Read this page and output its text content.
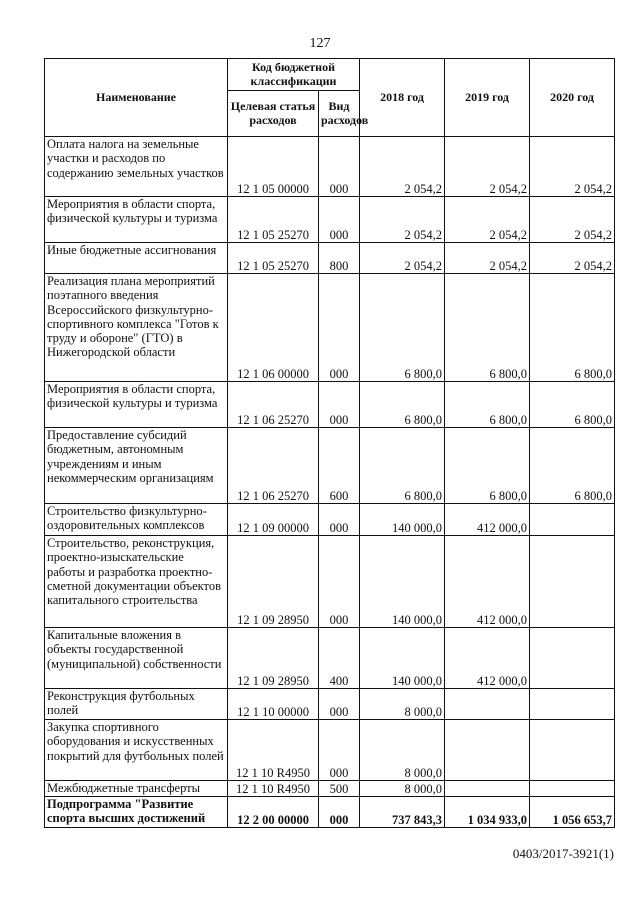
127
Наименование	Код бюджетной классификации		2018 год	2019 год	2020 год
	Целевая статья расходов	Вид расходов			
Оплата налога на земельные участки и расходов по содержанию земельных участков	12 1 05 00000	000	2 054,2	2 054,2	2 054,2
Мероприятия в области спорта, физической культуры и туризма	12 1 05 25270	000	2 054,2	2 054,2	2 054,2
Иные бюджетные ассигнования	12 1 05 25270	800	2 054,2	2 054,2	2 054,2
Реализация плана мероприятий поэтапного введения Всероссийского физкультурно-спортивного комплекса "Готов к труду и обороне" (ГТО) в Нижегородской области	12 1 06 00000	000	6 800,0	6 800,0	6 800,0
Мероприятия в области спорта, физической культуры и туризма	12 1 06 25270	000	6 800,0	6 800,0	6 800,0
Предоставление субсидий бюджетным, автономным учреждениям и иным некоммерческим организациям	12 1 06 25270	600	6 800,0	6 800,0	6 800,0
Строительство физкультурно-оздоровительных комплексов	12 1 09 00000	000	140 000,0	412 000,0	
Строительство, реконструкция, проектно-изыскательские работы и разработка проектно-сметной документации объектов капитального строительства	12 1 09 28950	000	140 000,0	412 000,0	
Капитальные вложения в объекты государственной (муниципальной) собственности	12 1 09 28950	400	140 000,0	412 000,0	
Реконструкция футбольных полей	12 1 10 00000	000	8 000,0		
Закупка спортивного оборудования и искусственных покрытий для футбольных полей	12 1 10 R4950	000	8 000,0		
Межбюджетные трансферты	12 1 10 R4950	500	8 000,0		
Подпрограмма "Развитие спорта высших достижений	12 2 00 00000	000	737 843,3	1 034 933,0	1 056 653,7
0403/2017-3921(1)
